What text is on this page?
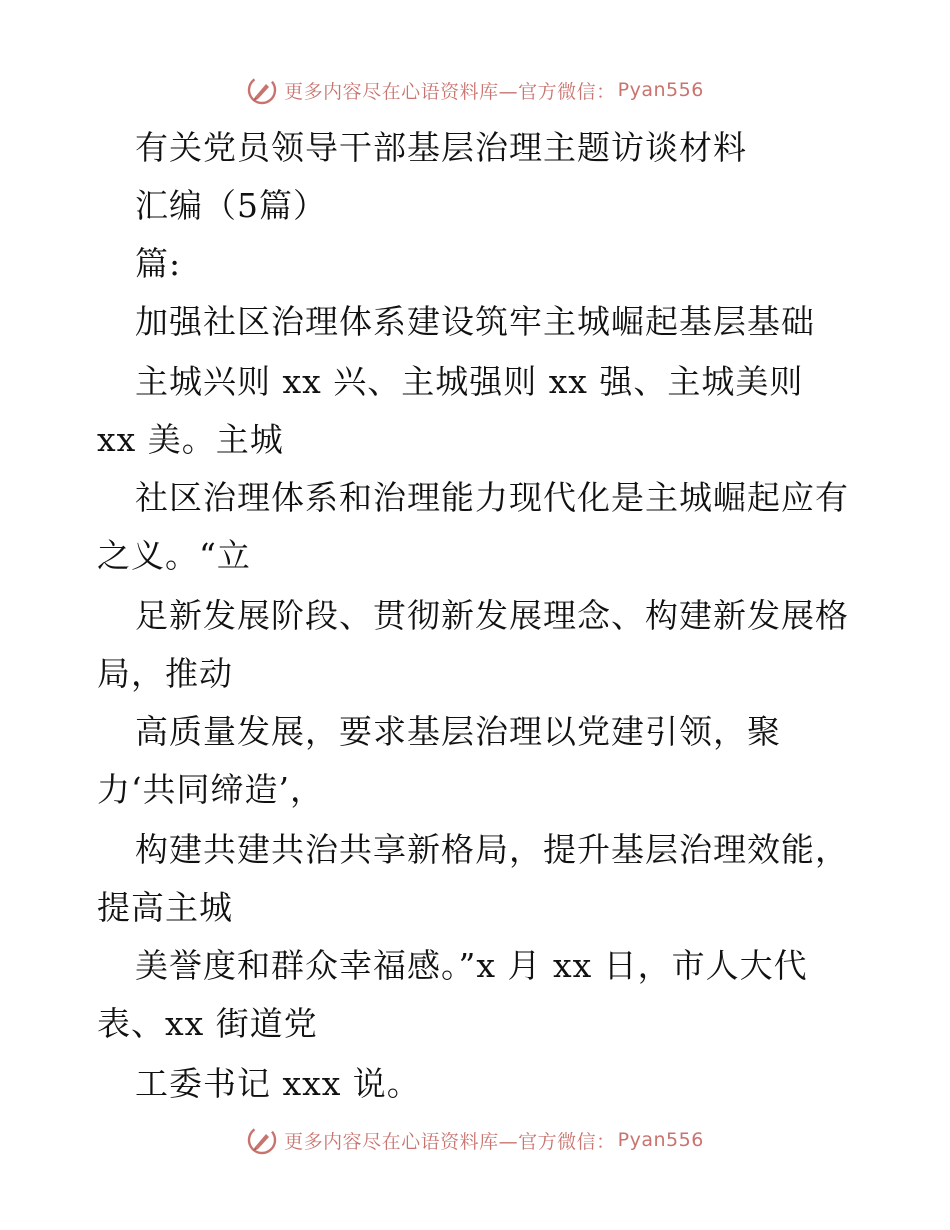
更多内容尽在心语资料库—官方微信： Pyan556
有关党员领导干部基层治理主题访谈材料
汇编（5篇）
篇:
加强社区治理体系建设筑牢主城崛起基层基础
主城兴则 xx 兴、主城强则 xx 强、主城美则
xx 美。主城
社区治理体系和治理能力现代化是主城崛起应有
之义。“立
足新发展阶段、贯彻新发展理念、构建新发展格
局，推动
高质量发展，要求基层治理以党建引领，聚
力‘共同缔造’，
构建共建共治共享新格局，提升基层治理效能，
提高主城
美誉度和群众幸福感。”x 月 xx 日，市人大代
表、xx 街道党
工委书记 xxx 说。
更多内容尽在心语资料库—官方微信： Pyan556
